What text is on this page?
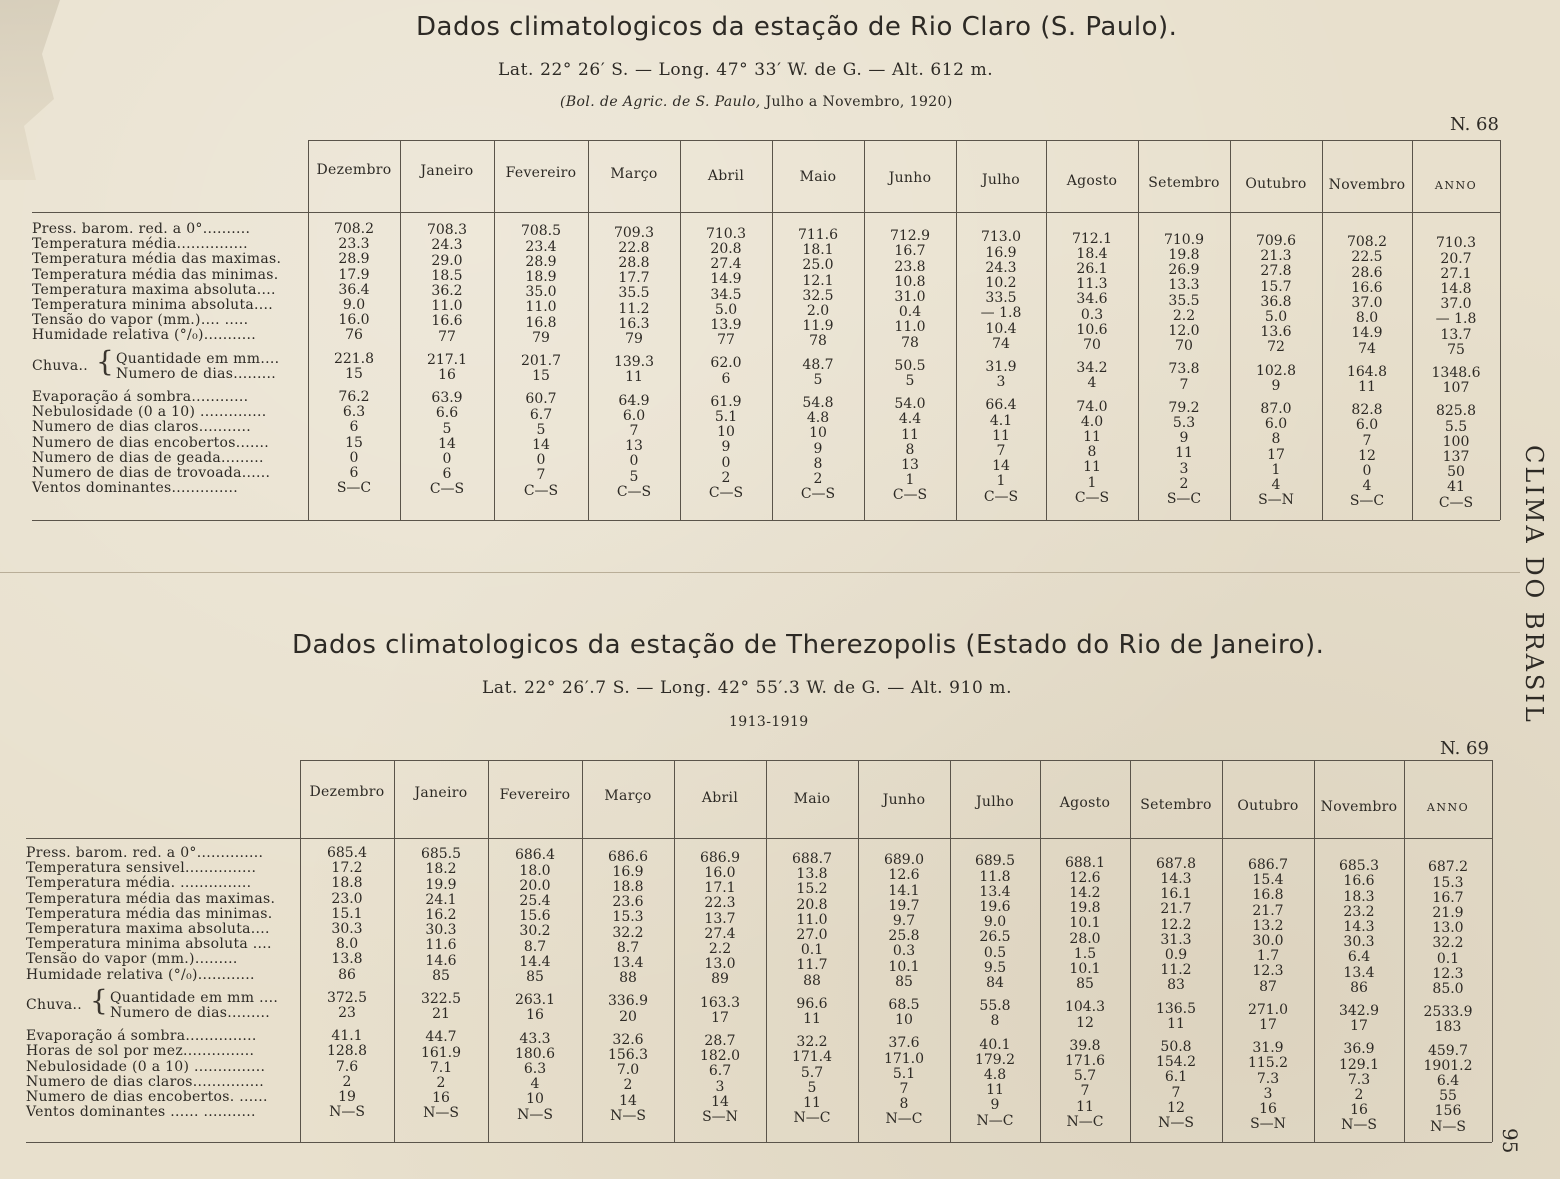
CLIMA DO BRASIL
95
Dados climatologicos da estação de Rio Claro (S. Paulo).
Lat. 22° 26′ S. — Long. 47° 33′ W. de G. — Alt. 612 m.
(Bol. de Agric. de S. Paulo, Julho a Novembro, 1920)
N. 68
Dezembro	Janeiro	Fevereiro	Março	Abril	Maio	Junho	Julho	Agosto	Setembro	Outubro	Novembro	ANNO
Press. barom. red. a 0°..........	708.2	708.3	708.5	709.3	710.3	711.6	712.9	713.0	712.1	710.9	709.6	708.2	710.3
Temperatura média...............	23.3	24.3	23.4	22.8	20.8	18.1	16.7	16.9	18.4	19.8	21.3	22.5	20.7
Temperatura média das maximas.	28.9	29.0	28.9	28.8	27.4	25.0	23.8	24.3	26.1	26.9	27.8	28.6	27.1
Temperatura média das minimas.	17.9	18.5	18.9	17.7	14.9	12.1	10.8	10.2	11.3	13.3	15.7	16.6	14.8
Temperatura maxima absoluta....	36.4	36.2	35.0	35.5	34.5	32.5	31.0	33.5	34.6	35.5	36.8	37.0	37.0
Temperatura minima absoluta....	9.0	11.0	11.0	11.2	5.0	2.0	0.4	— 1.8	0.3	2.2	5.0	8.0	— 1.8
Tensão do vapor (mm.).... .....	16.0	16.6	16.8	16.3	13.9	11.9	11.0	10.4	10.6	12.0	13.6	14.9	13.7
Humidade relativa (°/₀)...........	76	77	79	79	77	78	78	74	70	70	72	74	75
Chuva.. { Quantidade em mm....	221.8	217.1	201.7	139.3	62.0	48.7	50.5	31.9	34.2	73.8	102.8	164.8	1348.6
Numero de dias.........	15	16	15	11	6	5	5	3	4	7	9	11	107
Evaporação á sombra............	76.2	63.9	60.7	64.9	61.9	54.8	54.0	66.4	74.0	79.2	87.0	82.8	825.8
Nebulosidade (0 a 10) ..............	6.3	6.6	6.7	6.0	5.1	4.8	4.4	4.1	4.0	5.3	6.0	6.0	5.5
Numero de dias claros...........	6	5	5	7	10	10	11	11	11	9	8	7	100
Numero de dias encobertos.......	15	14	14	13	9	9	8	7	8	11	17	12	137
Numero de dias de geada.........	0	0	0	0	0	8	13	14	11	3	1	0	50
Numero de dias de trovoada......	6	6	7	5	2	2	1	1	1	2	4	4	41
Ventos dominantes..............	S—C	C—S	C—S	C—S	C—S	C—S	C—S	C—S	C—S	S—C	S—N	S—C	C—S
Dados climatologicos da estação de Therezopolis (Estado do Rio de Janeiro).
Lat. 22° 26′.7 S. — Long. 42° 55′.3 W. de G. — Alt. 910 m.
1913-1919
N. 69
Dezembro	Janeiro	Fevereiro	Março	Abril	Maio	Junho	Julho	Agosto	Setembro	Outubro	Novembro	ANNO
Press. barom. red. a 0°..............	685.4	685.5	686.4	686.6	686.9	688.7	689.0	689.5	688.1	687.8	686.7	685.3	687.2
Temperatura sensivel...............	17.2	18.2	18.0	16.9	16.0	13.8	12.6	11.8	12.6	14.3	15.4	16.6	15.3
Temperatura média. ...............	18.8	19.9	20.0	18.8	17.1	15.2	14.1	13.4	14.2	16.1	16.8	18.3	16.7
Temperatura média das maximas.	23.0	24.1	25.4	23.6	22.3	20.8	19.7	19.6	19.8	21.7	21.7	23.2	21.9
Temperatura média das minimas.	15.1	16.2	15.6	15.3	13.7	11.0	9.7	9.0	10.1	12.2	13.2	14.3	13.0
Temperatura maxima absoluta....	30.3	30.3	30.2	32.2	27.4	27.0	25.8	26.5	28.0	31.3	30.0	30.3	32.2
Temperatura minima absoluta ....	8.0	11.6	8.7	8.7	2.2	0.1	0.3	0.5	1.5	0.9	1.7	6.4	0.1
Tensão do vapor (mm.).........	13.8	14.6	14.4	13.4	13.0	11.7	10.1	9.5	10.1	11.2	12.3	13.4	12.3
Humidade relativa (°/₀)............	86	85	85	88	89	88	85	84	85	83	87	86	85.0
Chuva.. { Quantidade em mm ....	372.5	322.5	263.1	336.9	163.3	96.6	68.5	55.8	104.3	136.5	271.0	342.9	2533.9
Numero de dias.........	23	21	16	20	17	11	10	8	12	11	17	17	183
Evaporação á sombra...............	41.1	44.7	43.3	32.6	28.7	32.2	37.6	40.1	39.8	50.8	31.9	36.9	459.7
Horas de sol por mez...............	128.8	161.9	180.6	156.3	182.0	171.4	171.0	179.2	171.6	154.2	115.2	129.1	1901.2
Nebulosidade (0 a 10) ...............	7.6	7.1	6.3	7.0	6.7	5.7	5.1	4.8	5.7	6.1	7.3	7.3	6.4
Numero de dias claros...............	2	2	4	2	3	5	7	11	7	7	3	2	55
Numero de dias encobertos. ......	19	16	10	14	14	11	8	9	11	12	16	16	156
Ventos dominantes ...... ...........	N—S	N—S	N—S	N—S	S—N	N—C	N—C	N—C	N—C	N—S	S—N	N—S	N—S
